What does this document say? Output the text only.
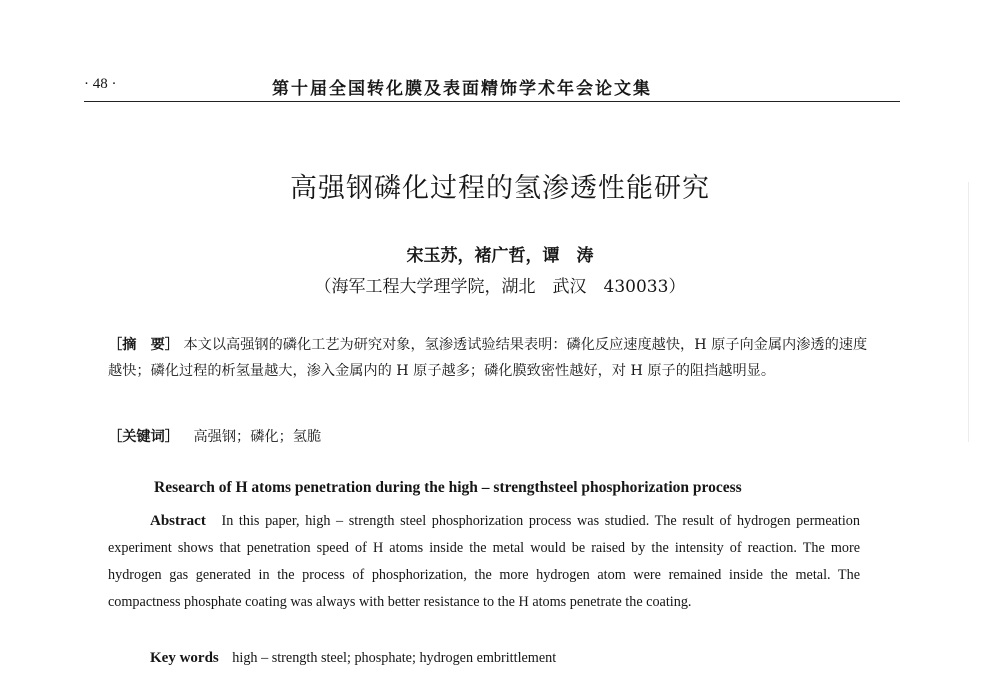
· 48 ·	第十届全国转化膜及表面精饰学术年会论文集
高强钢磷化过程的氢渗透性能研究
宋玉苏，褚广哲，谭　涛
（海军工程大学理学院，湖北　武汉　430033）
［摘　要］ 本文以高强钢的磷化工艺为研究对象，氢渗透试验结果表明：磷化反应速度越快，H 原子向金属内渗透的速度越快；磷化过程的析氢量越大，渗入金属内的 H 原子越多；磷化膜致密性越好，对 H 原子的阻挡越明显。
［关键词］ 高强钢；磷化；氢脆
Research of H atoms penetration during the high – strengthsteel phosphorization process
Abstract In this paper, high – strength steel phosphorization process was studied. The result of hydrogen permeation experiment shows that penetration speed of H atoms inside the metal would be raised by the intensity of reaction. The more hydrogen gas generated in the process of phosphorization, the more hydrogen atom were remained inside the metal. The compactness phosphate coating was always with better resistance to the H atoms penetrate the coating.
Key words high – strength steel; phosphate; hydrogen embrittlement
